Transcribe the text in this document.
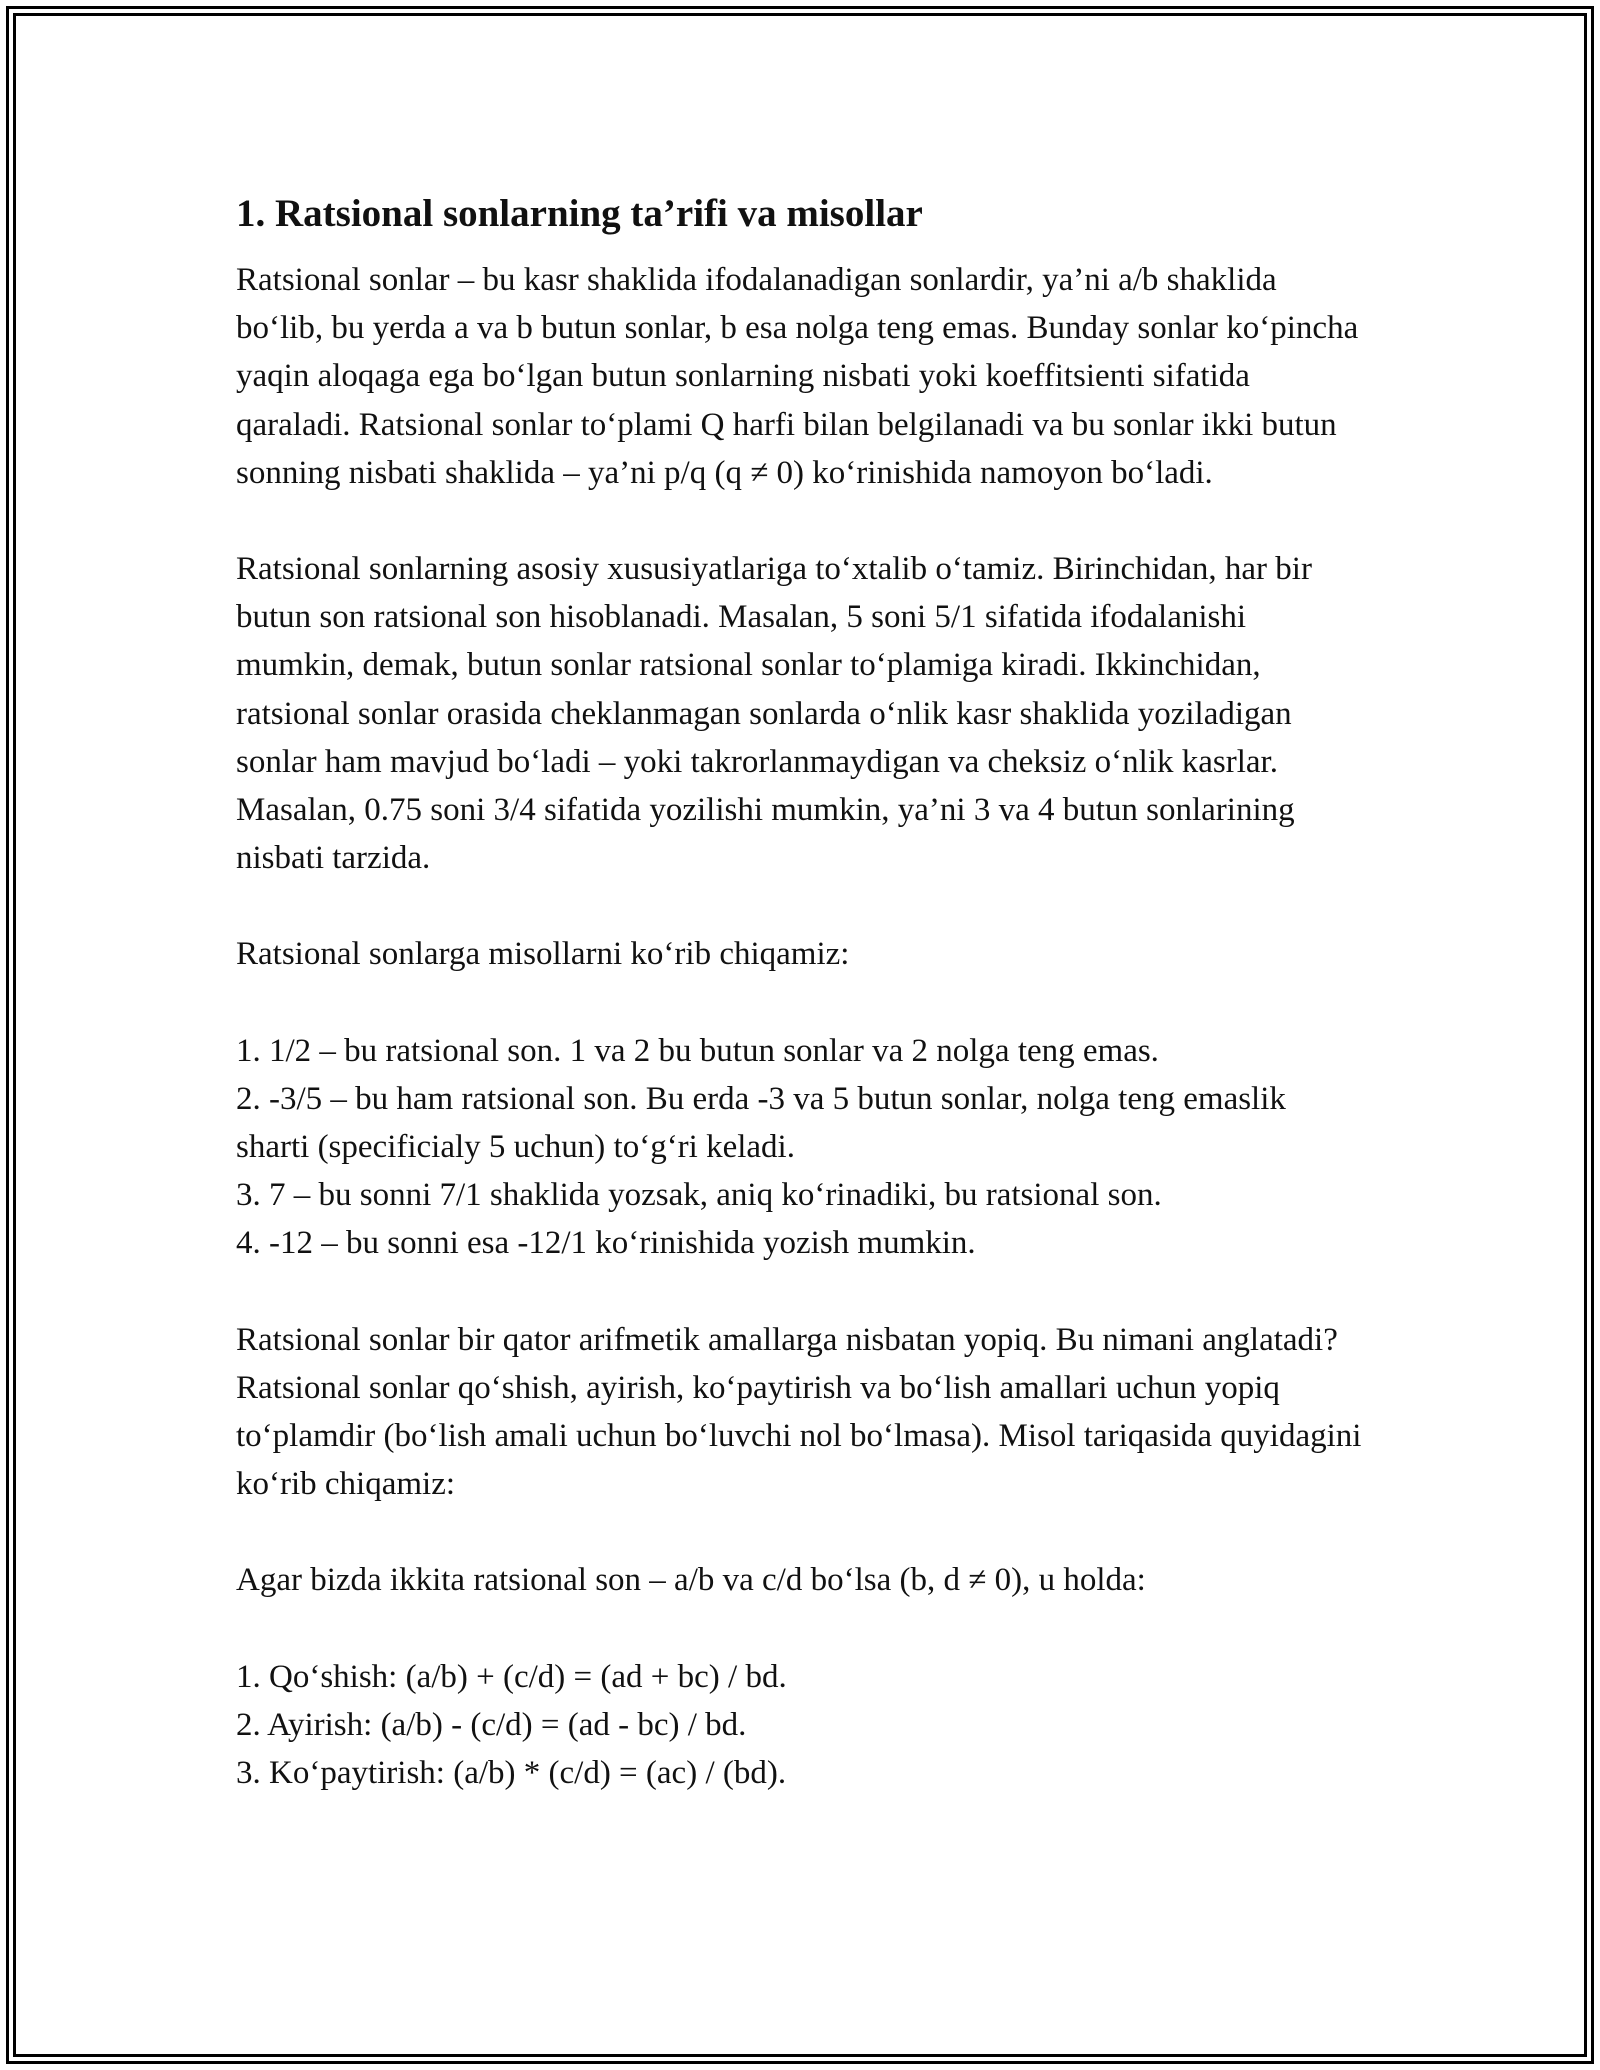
1. Ratsional sonlarning ta’rifi va misollar

Ratsional sonlar – bu kasr shaklida ifodalanadigan sonlardir, ya’ni a/b shaklida bo‘lib, bu yerda a va b butun sonlar, b esa nolga teng emas. Bunday sonlar ko‘pincha yaqin aloqaga ega bo‘lgan butun sonlarning nisbati yoki koeffitsienti sifatida qaraladi. Ratsional sonlar to‘plami Q harfi bilan belgilanadi va bu sonlar ikki butun sonning nisbati shaklida – ya’ni p/q (q ≠ 0) ko‘rinishida namoyon bo‘ladi.

Ratsional sonlarning asosiy xususiyatlariga to‘xtalib o‘tamiz. Birinchidan, har bir butun son ratsional son hisoblanadi. Masalan, 5 soni 5/1 sifatida ifodalanishi mumkin, demak, butun sonlar ratsional sonlar to‘plamiga kiradi. Ikkinchidan, ratsional sonlar orasida cheklanmagan sonlarda o‘nlik kasr shaklida yoziladigan sonlar ham mavjud bo‘ladi – yoki takrorlanmaydigan va cheksiz o‘nlik kasrlar. Masalan, 0.75 soni 3/4 sifatida yozilishi mumkin, ya’ni 3 va 4 butun sonlarining nisbati tarzida.

Ratsional sonlarga misollarni ko‘rib chiqamiz:

1. 1/2 – bu ratsional son. 1 va 2 bu butun sonlar va 2 nolga teng emas.
2. -3/5 – bu ham ratsional son. Bu erda -3 va 5 butun sonlar, nolga teng emaslik sharti (specificialy 5 uchun) to‘g‘ri keladi.
3. 7 – bu sonni 7/1 shaklida yozsak, aniq ko‘rinadiki, bu ratsional son.
4. -12 – bu sonni esa -12/1 ko‘rinishida yozish mumkin.

Ratsional sonlar bir qator arifmetik amallarga nisbatan yopiq. Bu nimani anglatadi? Ratsional sonlar qo‘shish, ayirish, ko‘paytirish va bo‘lish amallari uchun yopiq to‘plamdir (bo‘lish amali uchun bo‘luvchi nol bo‘lmasa). Misol tariqasida quyidagini ko‘rib chiqamiz:

Agar bizda ikkita ratsional son – a/b va c/d bo‘lsa (b, d ≠ 0), u holda:

1. Qo‘shish: (a/b) + (c/d) = (ad + bc) / bd.
2. Ayirish: (a/b) - (c/d) = (ad - bc) / bd.
3. Ko‘paytirish: (a/b) * (c/d) = (ac) / (bd).
